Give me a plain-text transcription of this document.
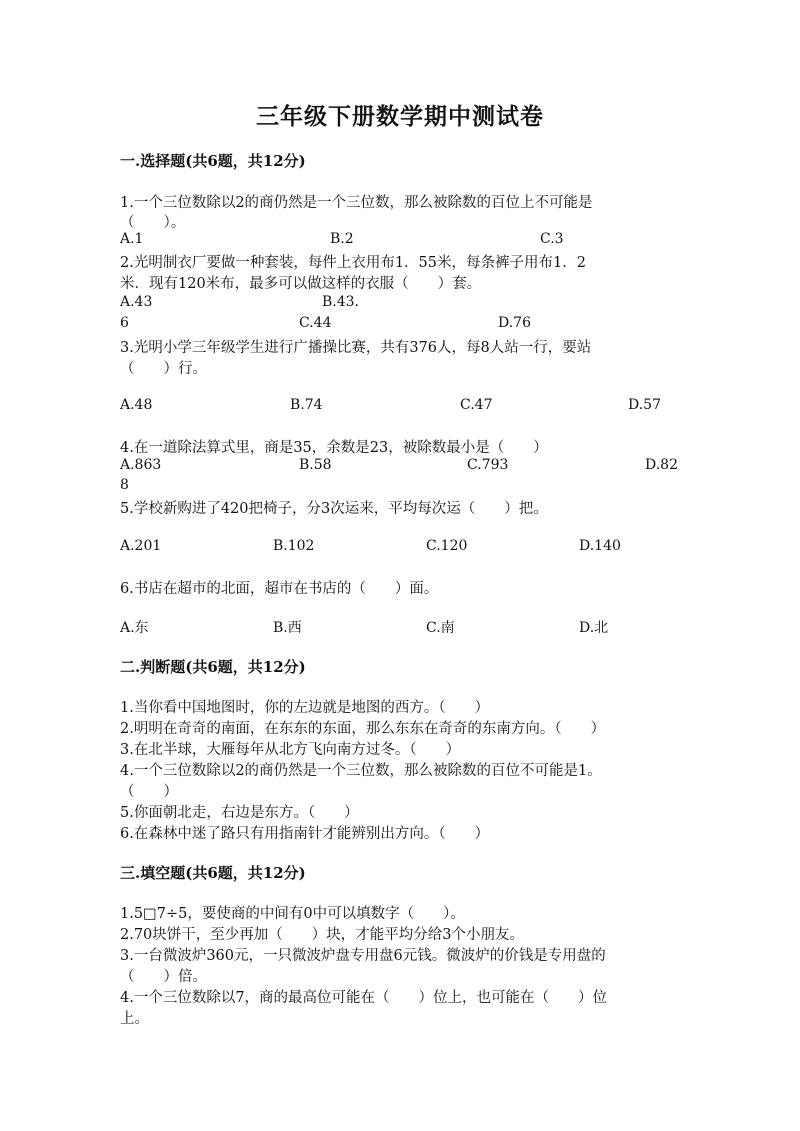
三年级下册数学期中测试卷
一.选择题(共6题，共12分)
1.一个三位数除以2的商仍然是一个三位数，那么被除数的百位上不可能是
（　　）。
A.1	B.2	C.3
2.光明制衣厂要做一种套装，每件上衣用布1．55米，每条裤子用布1．2
米．现有120米布，最多可以做这样的衣服（　　）套。
A.43	B.43.
6	C.44	D.76
3.光明小学三年级学生进行广播操比赛，共有376人，每8人站一行，要站
（　　）行。
A.48	B.74	C.47	D.57
4.在一道除法算式里，商是35，余数是23，被除数最小是（　　）
A.863	B.58	C.793	D.82
8
5.学校新购进了420把椅子，分3次运来，平均每次运（　　）把。
A.201	B.102	C.120	D.140
6.书店在超市的北面，超市在书店的（　　）面。
A.东	B.西	C.南	D.北
二.判断题(共6题，共12分)
1.当你看中国地图时，你的左边就是地图的西方。（　　）
2.明明在奇奇的南面，在东东的东面，那么东东在奇奇的东南方向。（　　）
3.在北半球，大雁每年从北方飞向南方过冬。（　　）
4.一个三位数除以2的商仍然是一个三位数，那么被除数的百位不可能是1。
（　　）
5.你面朝北走，右边是东方。（　　）
6.在森林中迷了路只有用指南针才能辨别出方向。（　　）
三.填空题(共6题，共12分)
1.5□7÷5，要使商的中间有0中可以填数字（　　）。
2.70块饼干，至少再加（　　）块，才能平均分给3个小朋友。
3.一台微波炉360元，一只微波炉盘专用盘6元钱。微波炉的价钱是专用盘的
（　　）倍。
4.一个三位数除以7，商的最高位可能在（　　）位上，也可能在（　　）位
上。
